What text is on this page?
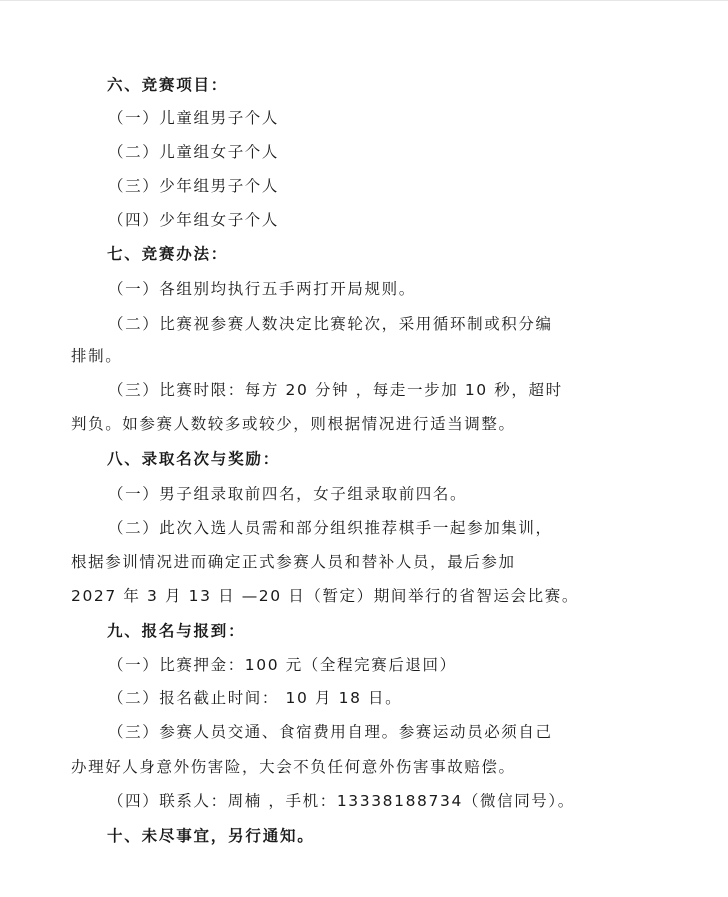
六、竞赛项目：
（一）儿童组男子个人
（二）儿童组女子个人
（三）少年组男子个人
（四）少年组女子个人
七、竞赛办法：
（一）各组别均执行五手两打开局规则。
（二）比赛视参赛人数决定比赛轮次，采用循环制或积分编
排制。
（三）比赛时限：每方 20 分钟 ，每走一步加 10 秒，超时
判负。如参赛人数较多或较少，则根据情况进行适当调整。
八、录取名次与奖励：
（一）男子组录取前四名，女子组录取前四名。
（二）此次入选人员需和部分组织推荐棋手一起参加集训，
根据参训情况进而确定正式参赛人员和替补人员，最后参加
2027 年 3 月 13 日 —20 日（暂定）期间举行的省智运会比赛。
九、报名与报到：
（一）比赛押金：100 元（全程完赛后退回）
（二）报名截止时间： 10 月 18 日。
（三）参赛人员交通、食宿费用自理。参赛运动员必须自己
办理好人身意外伤害险，大会不负任何意外伤害事故赔偿。
（四）联系人：周楠 ，手机：13338188734（微信同号）。
十、未尽事宜，另行通知。
